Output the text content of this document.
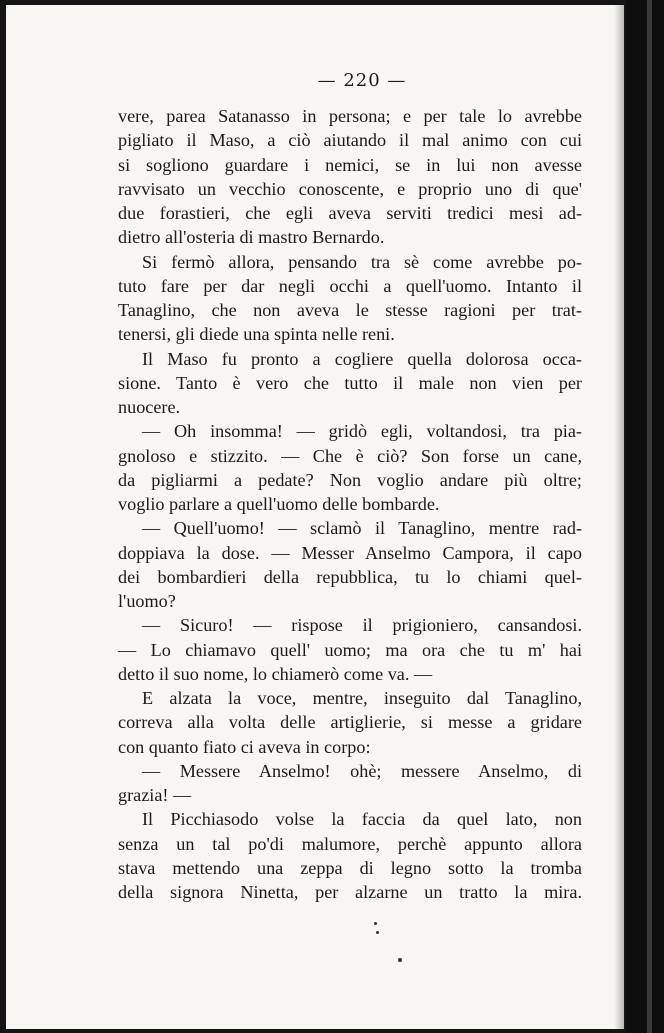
— 220 —
vere, parea Satanasso in persona; e per tale lo avrebbe
pigliato il Maso, a ciò aiutando il mal animo con cui
si sogliono guardare i nemici, se in lui non avesse
ravvisato un vecchio conoscente, e proprio uno di que'
due forastieri, che egli aveva serviti tredici mesi ad-
dietro all'osteria di mastro Bernardo.
Si fermò allora, pensando tra sè come avrebbe po-
tuto fare per dar negli occhi a quell'uomo. Intanto il
Tanaglino, che non aveva le stesse ragioni per trat-
tenersi, gli diede una spinta nelle reni.
Il Maso fu pronto a cogliere quella dolorosa occa-
sione. Tanto è vero che tutto il male non vien per
nuocere.
— Oh insomma! — gridò egli, voltandosi, tra pia-
gnoloso e stizzito. — Che è ciò? Son forse un cane,
da pigliarmi a pedate? Non voglio andare più oltre;
voglio parlare a quell'uomo delle bombarde.
— Quell'uomo! — sclamò il Tanaglino, mentre rad-
doppiava la dose. — Messer Anselmo Campora, il capo
dei bombardieri della repubblica, tu lo chiami quel-
l'uomo?
— Sicuro! — rispose il prigioniero, cansandosi.
— Lo chiamavo quell' uomo; ma ora che tu m' hai
detto il suo nome, lo chiamerò come va. —
E alzata la voce, mentre, inseguito dal Tanaglino,
correva alla volta delle artiglierie, si messe a gridare
con quanto fiato ci aveva in corpo:
— Messere Anselmo! ohè; messere Anselmo, di
grazia! —
Il Picchiasodo volse la faccia da quel lato, non
senza un tal po'di malumore, perchè appunto allora
stava mettendo una zeppa di legno sotto la tromba
della signora Ninetta, per alzarne un tratto la mira.
